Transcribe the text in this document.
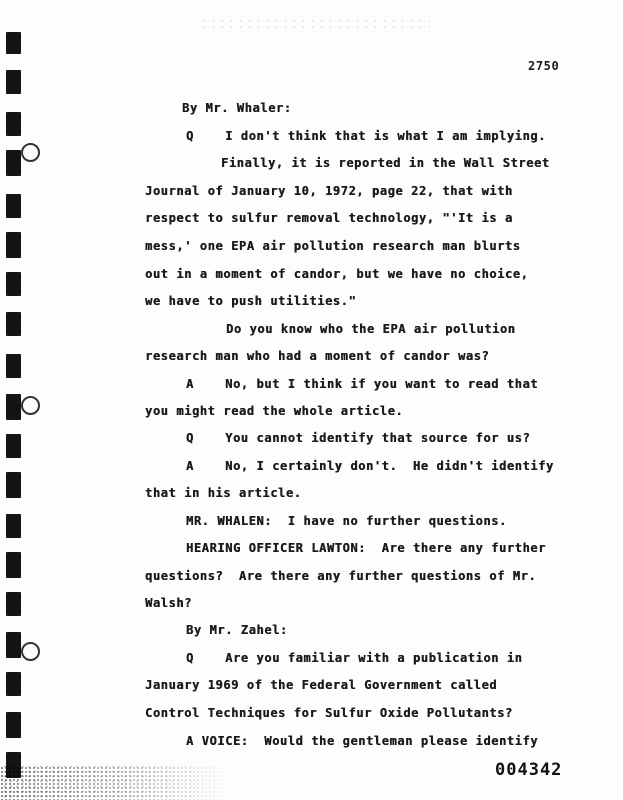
2750
By Mr. Whaler:
Q    I don't think that is what I am implying.
Finally, it is reported in the Wall Street
Journal of January 10, 1972, page 22, that with
respect to sulfur removal technology, "'It is a
mess,' one EPA air pollution research man blurts
out in a moment of candor, but we have no choice,
we have to push utilities."
Do you know who the EPA air pollution
research man who had a moment of candor was?
A    No, but I think if you want to read that
you might read the whole article.
Q    You cannot identify that source for us?
A    No, I certainly don't.  He didn't identify
that in his article.
MR. WHALEN:  I have no further questions.
HEARING OFFICER LAWTON:  Are there any further
questions?  Are there any further questions of Mr.
Walsh?
By Mr. Zahel:
Q    Are you familiar with a publication in
January 1969 of the Federal Government called
Control Techniques for Sulfur Oxide Pollutants?
A VOICE:  Would the gentleman please identify
004342
